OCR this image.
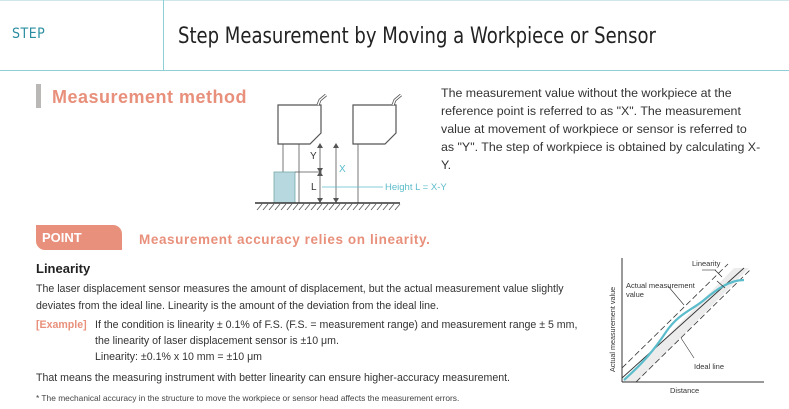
STEP	Step Measurement by Moving a Workpiece or Sensor
Measurement method
Y
X
L	Height L = X-Y
The measurement value without the workpiece at the reference point is referred to as "X". The measurement value at movement of workpiece or sensor is referred to as "Y". The step of workpiece is obtained by calculating X-Y.
POINT	Measurement accuracy relies on linearity.
Linearity
The laser displacement sensor measures the amount of displacement, but the actual measurement value slightly deviates from the ideal line. Linearity is the amount of the deviation from the ideal line.
[Example] If the condition is linearity ± 0.1% of F.S. (F.S. = measurement range) and measurement range ± 5 mm,
the linearity of laser displacement sensor is ±10 μm.
Linearity: ±0.1% x 10 mm = ±10 μm
That means the measuring instrument with better linearity can ensure higher-accuracy measurement.
* The mechanical accuracy in the structure to move the workpiece or sensor head affects the measurement errors.
Linearity
Actual measurement
value
Ideal line
Distance
Actual measurement value
